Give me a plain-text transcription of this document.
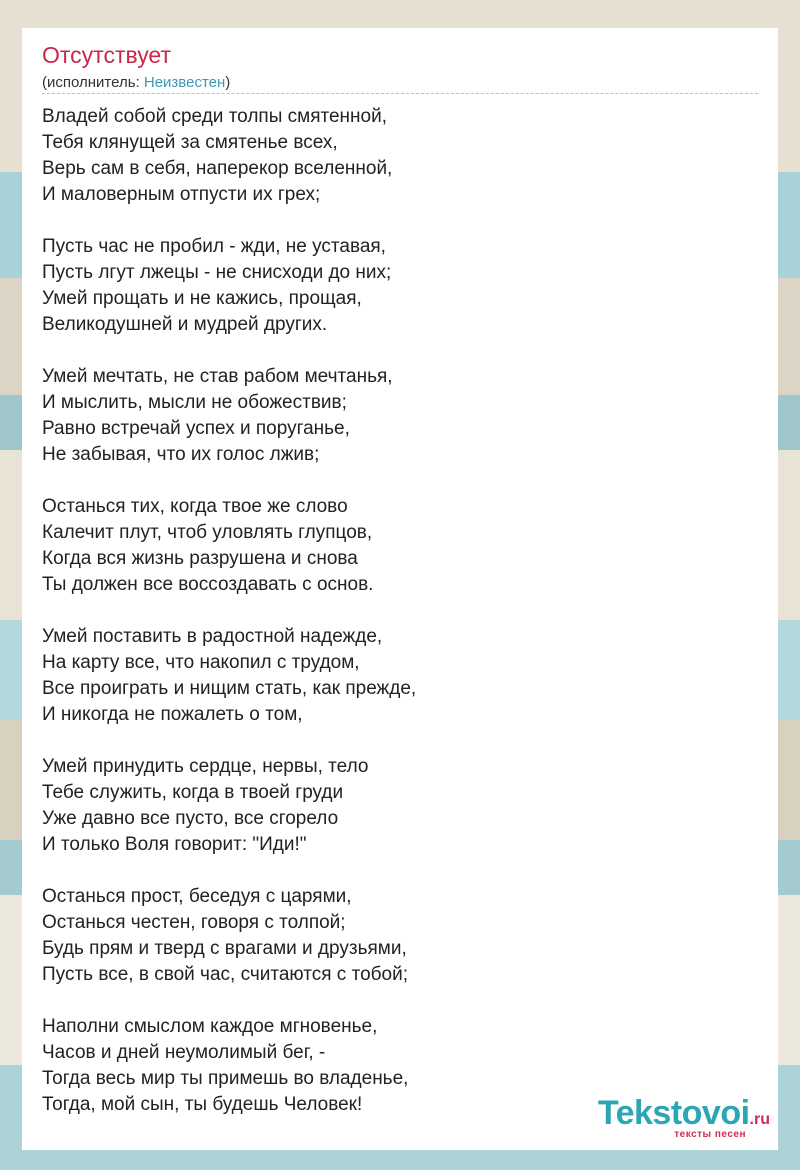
Отсутствует
(исполнитель: Неизвестен)
Владей собой среди толпы смятенной,
Тебя клянущей за смятенье всех,
Верь сам в себя, наперекор вселенной,
И маловерным отпусти их грех;
Пусть час не пробил - жди, не уставая,
Пусть лгут лжецы - не снисходи до них;
Умей прощать и не кажись, прощая,
Великодушней и мудрей других.
Умей мечтать, не став рабом мечтанья,
И мыслить, мысли не обожествив;
Равно встречай успех и поруганье,
Не забывая, что их голос лжив;
Останься тих, когда твое же слово
Калечит плут, чтоб уловлять глупцов,
Когда вся жизнь разрушена и снова
Ты должен все воссоздавать с основ.
Умей поставить в радостной надежде,
На карту все, что накопил с трудом,
Все проиграть и нищим стать, как прежде,
И никогда не пожалеть о том,
Умей принудить сердце, нервы, тело
Тебе служить, когда в твоей груди
Уже давно все пусто, все сгорело
И только Воля говорит: "Иди!"
Останься прост, беседуя с царями,
Останься честен, говоря с толпой;
Будь прям и тверд с врагами и друзьями,
Пусть все, в свой час, считаются с тобой;
Наполни смыслом каждое мгновенье,
Часов и дней неумолимый бег, -
Тогда весь мир ты примешь во владенье,
Тогда, мой сын, ты будешь Человек!	Tekstovoi.ru
тексты песен
